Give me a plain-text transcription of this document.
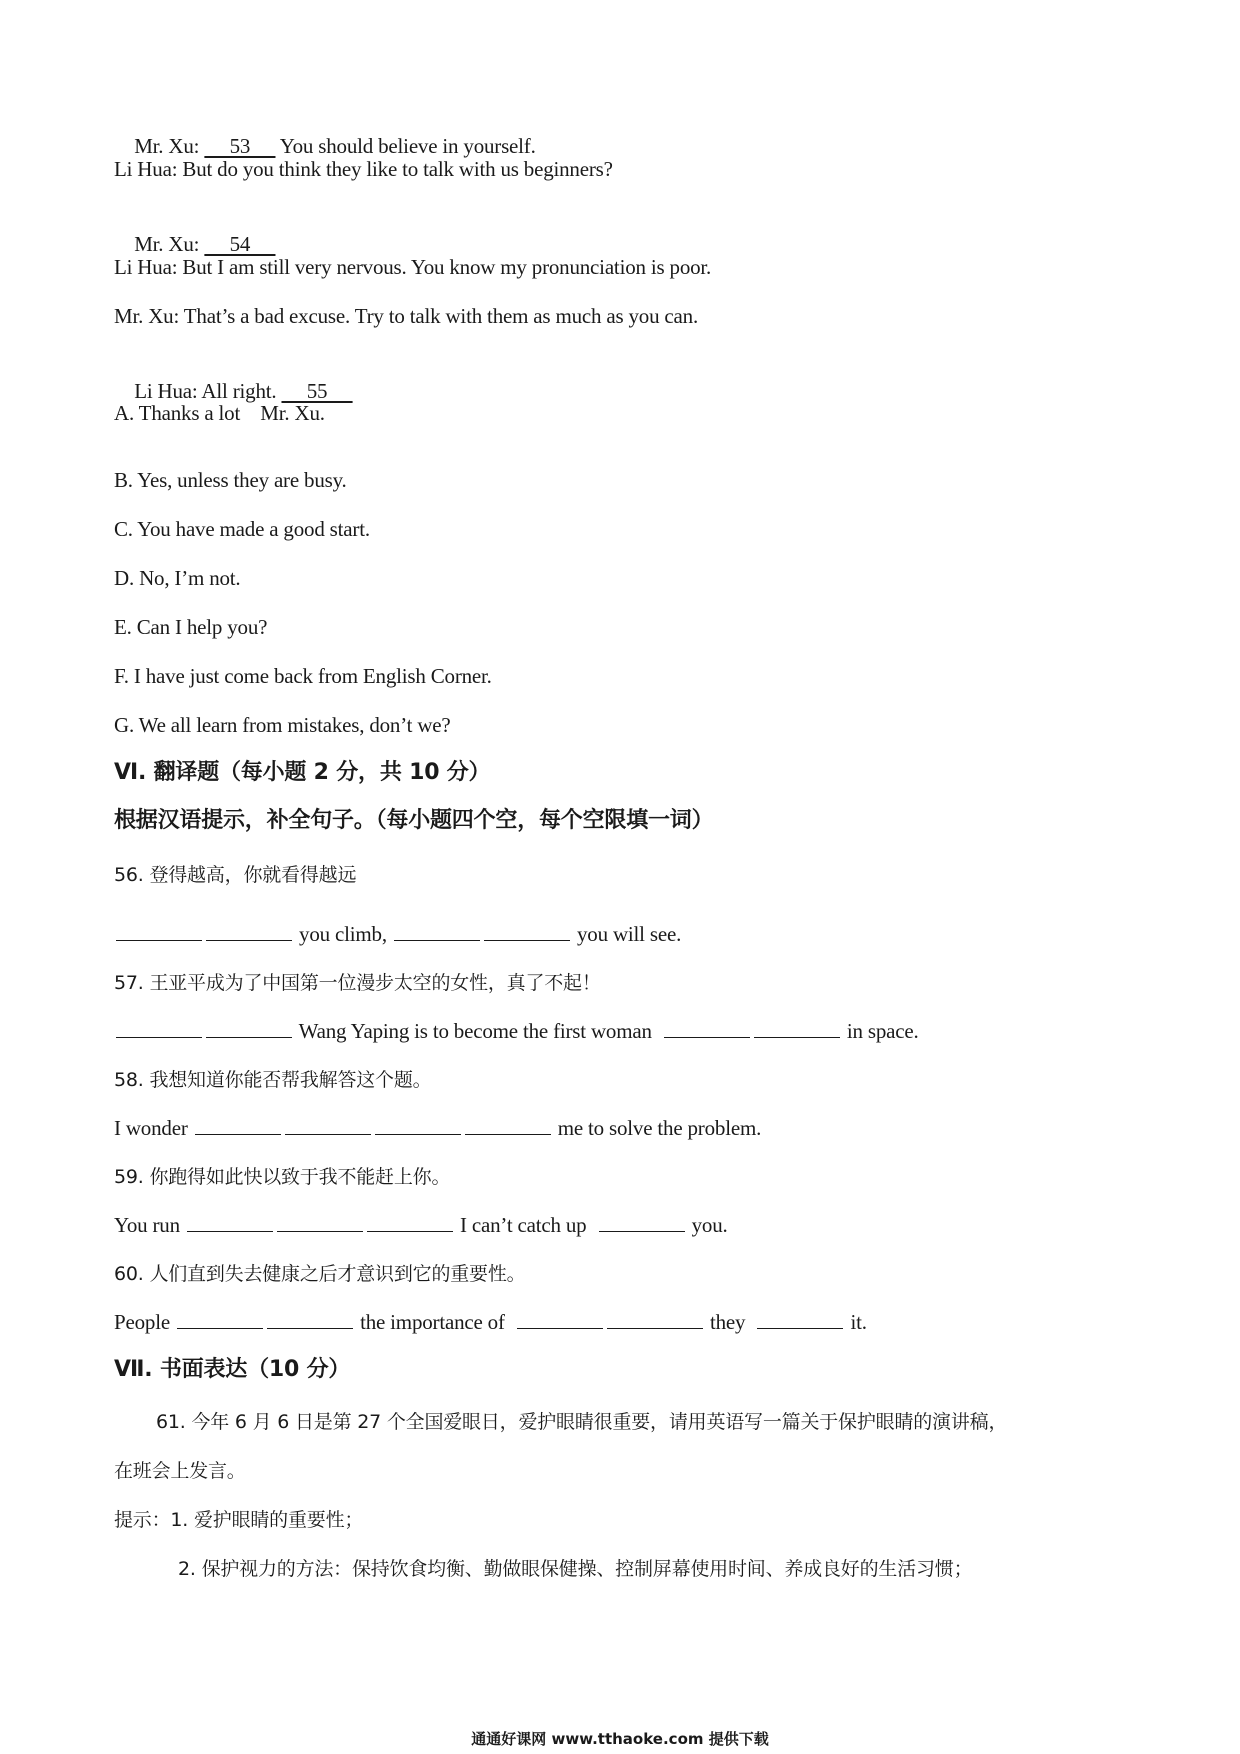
Mr. Xu:      53      You should believe in yourself.

Li Hua: But do you think they like to talk with us beginners?

Mr. Xu:      54

Li Hua: But I am still very nervous. You know my pronunciation is poor.
Mr. Xu: That’s a bad excuse. Try to talk with them as much as you can.

Li Hua: All right.      55

A. Thanks a lot    Mr. Xu.
B. Yes, unless they are busy.
C. You have made a good start.
D. No, I’m not.
E. Can I help you?
F. I have just come back from English Corner.
G. We all learn from mistakes, don’t we?
Ⅵ. 翻译题（每小题 2 分，共 10 分）
根据汉语提示，补全句子。（每小题四个空，每个空限填一词）
56. 登得越高，你就看得越远
you climb,	you will see.
57. 王亚平成为了中国第一位漫步太空的女性，真了不起！
Wang Yaping is to become the first woman	in space.
58. 我想知道你能否帮我解答这个题。
I wonder	me to solve the problem.
59. 你跑得如此快以致于我不能赶上你。
You run	I can’t catch up	you.
60. 人们直到失去健康之后才意识到它的重要性。
People	the importance of	they	it.
Ⅶ. 书面表达（10 分）
61. 今年 6 月 6 日是第 27 个全国爱眼日，爱护眼睛很重要，请用英语写一篇关于保护眼睛的演讲稿，
在班会上发言。
提示：1. 爱护眼睛的重要性；
2. 保护视力的方法：保持饮食均衡、勤做眼保健操、控制屏幕使用时间、养成良好的生活习惯；
通通好课网 www.tthaoke.com 提供下载
